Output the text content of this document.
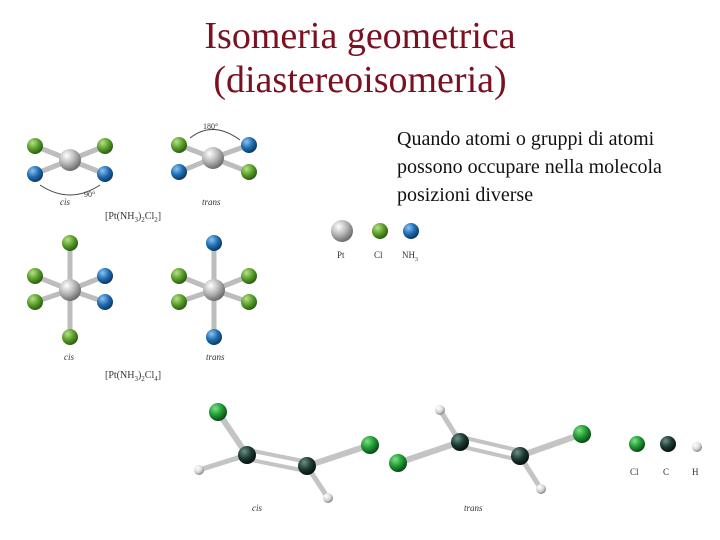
Isomeria geometrica
(diastereoisomeria)
Quando atomi o gruppi di atomi
possono occupare nella molecola
posizioni diverse
90°
cis
180°
trans
$[Pt(NH_3)_2Cl_2]$
cis	trans
$[Pt(NH_3)_2Cl_4]$
Pt	Cl $NH_3$
cis	trans
Cl	C	H
